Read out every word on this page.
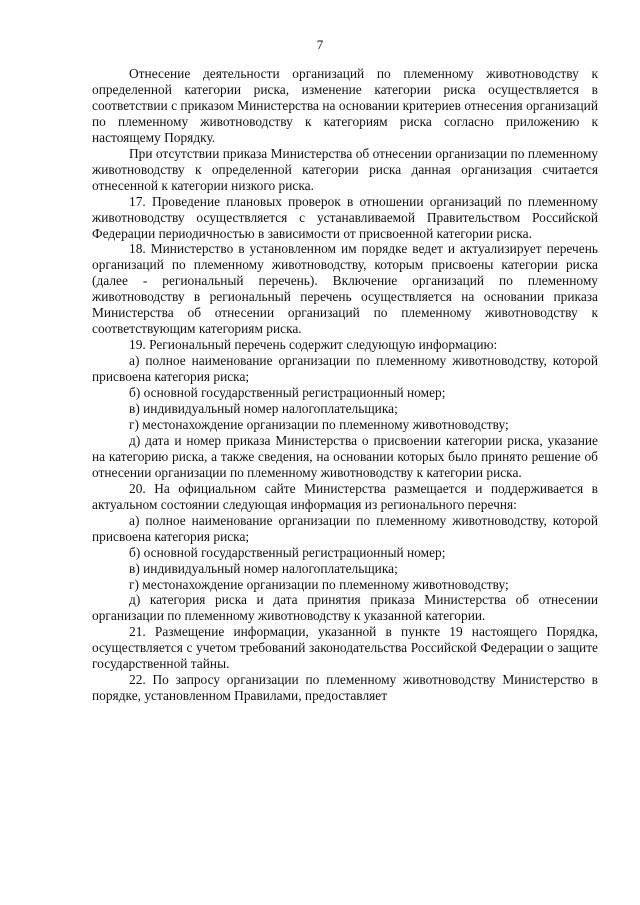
7

Отнесение деятельности организаций по племенному животноводству к определенной категории риска, изменение категории риска осуществляется в соответствии с приказом Министерства на основании критериев отнесения организаций по племенному животноводству к категориям риска согласно приложению к настоящему Порядку.

При отсутствии приказа Министерства об отнесении организации по племенному животноводству к определенной категории риска данная организация считается отнесенной к категории низкого риска.

17. Проведение плановых проверок в отношении организаций по племенному животноводству осуществляется с устанавливаемой Правительством Российской Федерации периодичностью в зависимости от присвоенной категории риска.

18. Министерство в установленном им порядке ведет и актуализирует перечень организаций по племенному животноводству, которым присвоены категории риска (далее - региональный перечень). Включение организаций по племенному животноводству в региональный перечень осуществляется на основании приказа Министерства об отнесении организаций по племенному животноводству к соответствующим категориям риска.

19. Региональный перечень содержит следующую информацию:

а) полное наименование организации по племенному животноводству, которой присвоена категория риска;

б) основной государственный регистрационный номер;

в) индивидуальный номер налогоплательщика;

г) местонахождение организации по племенному животноводству;

д) дата и номер приказа Министерства о присвоении категории риска, указание на категорию риска, а также сведения, на основании которых было принято решение об отнесении организации по племенному животноводству к категории риска.

20. На официальном сайте Министерства размещается и поддерживается в актуальном состоянии следующая информация из регионального перечня:

а) полное наименование организации по племенному животноводству, которой присвоена категория риска;

б) основной государственный регистрационный номер;

в) индивидуальный номер налогоплательщика;

г) местонахождение организации по племенному животноводству;

д) категория риска и дата принятия приказа Министерства об отнесении организации по племенному животноводству к указанной категории.

21. Размещение информации, указанной в пункте 19 настоящего Порядка, осуществляется с учетом требований законодательства Российской Федерации о защите государственной тайны.

22. По запросу организации по племенному животноводству Министерство в порядке, установленном Правилами, предоставляет
